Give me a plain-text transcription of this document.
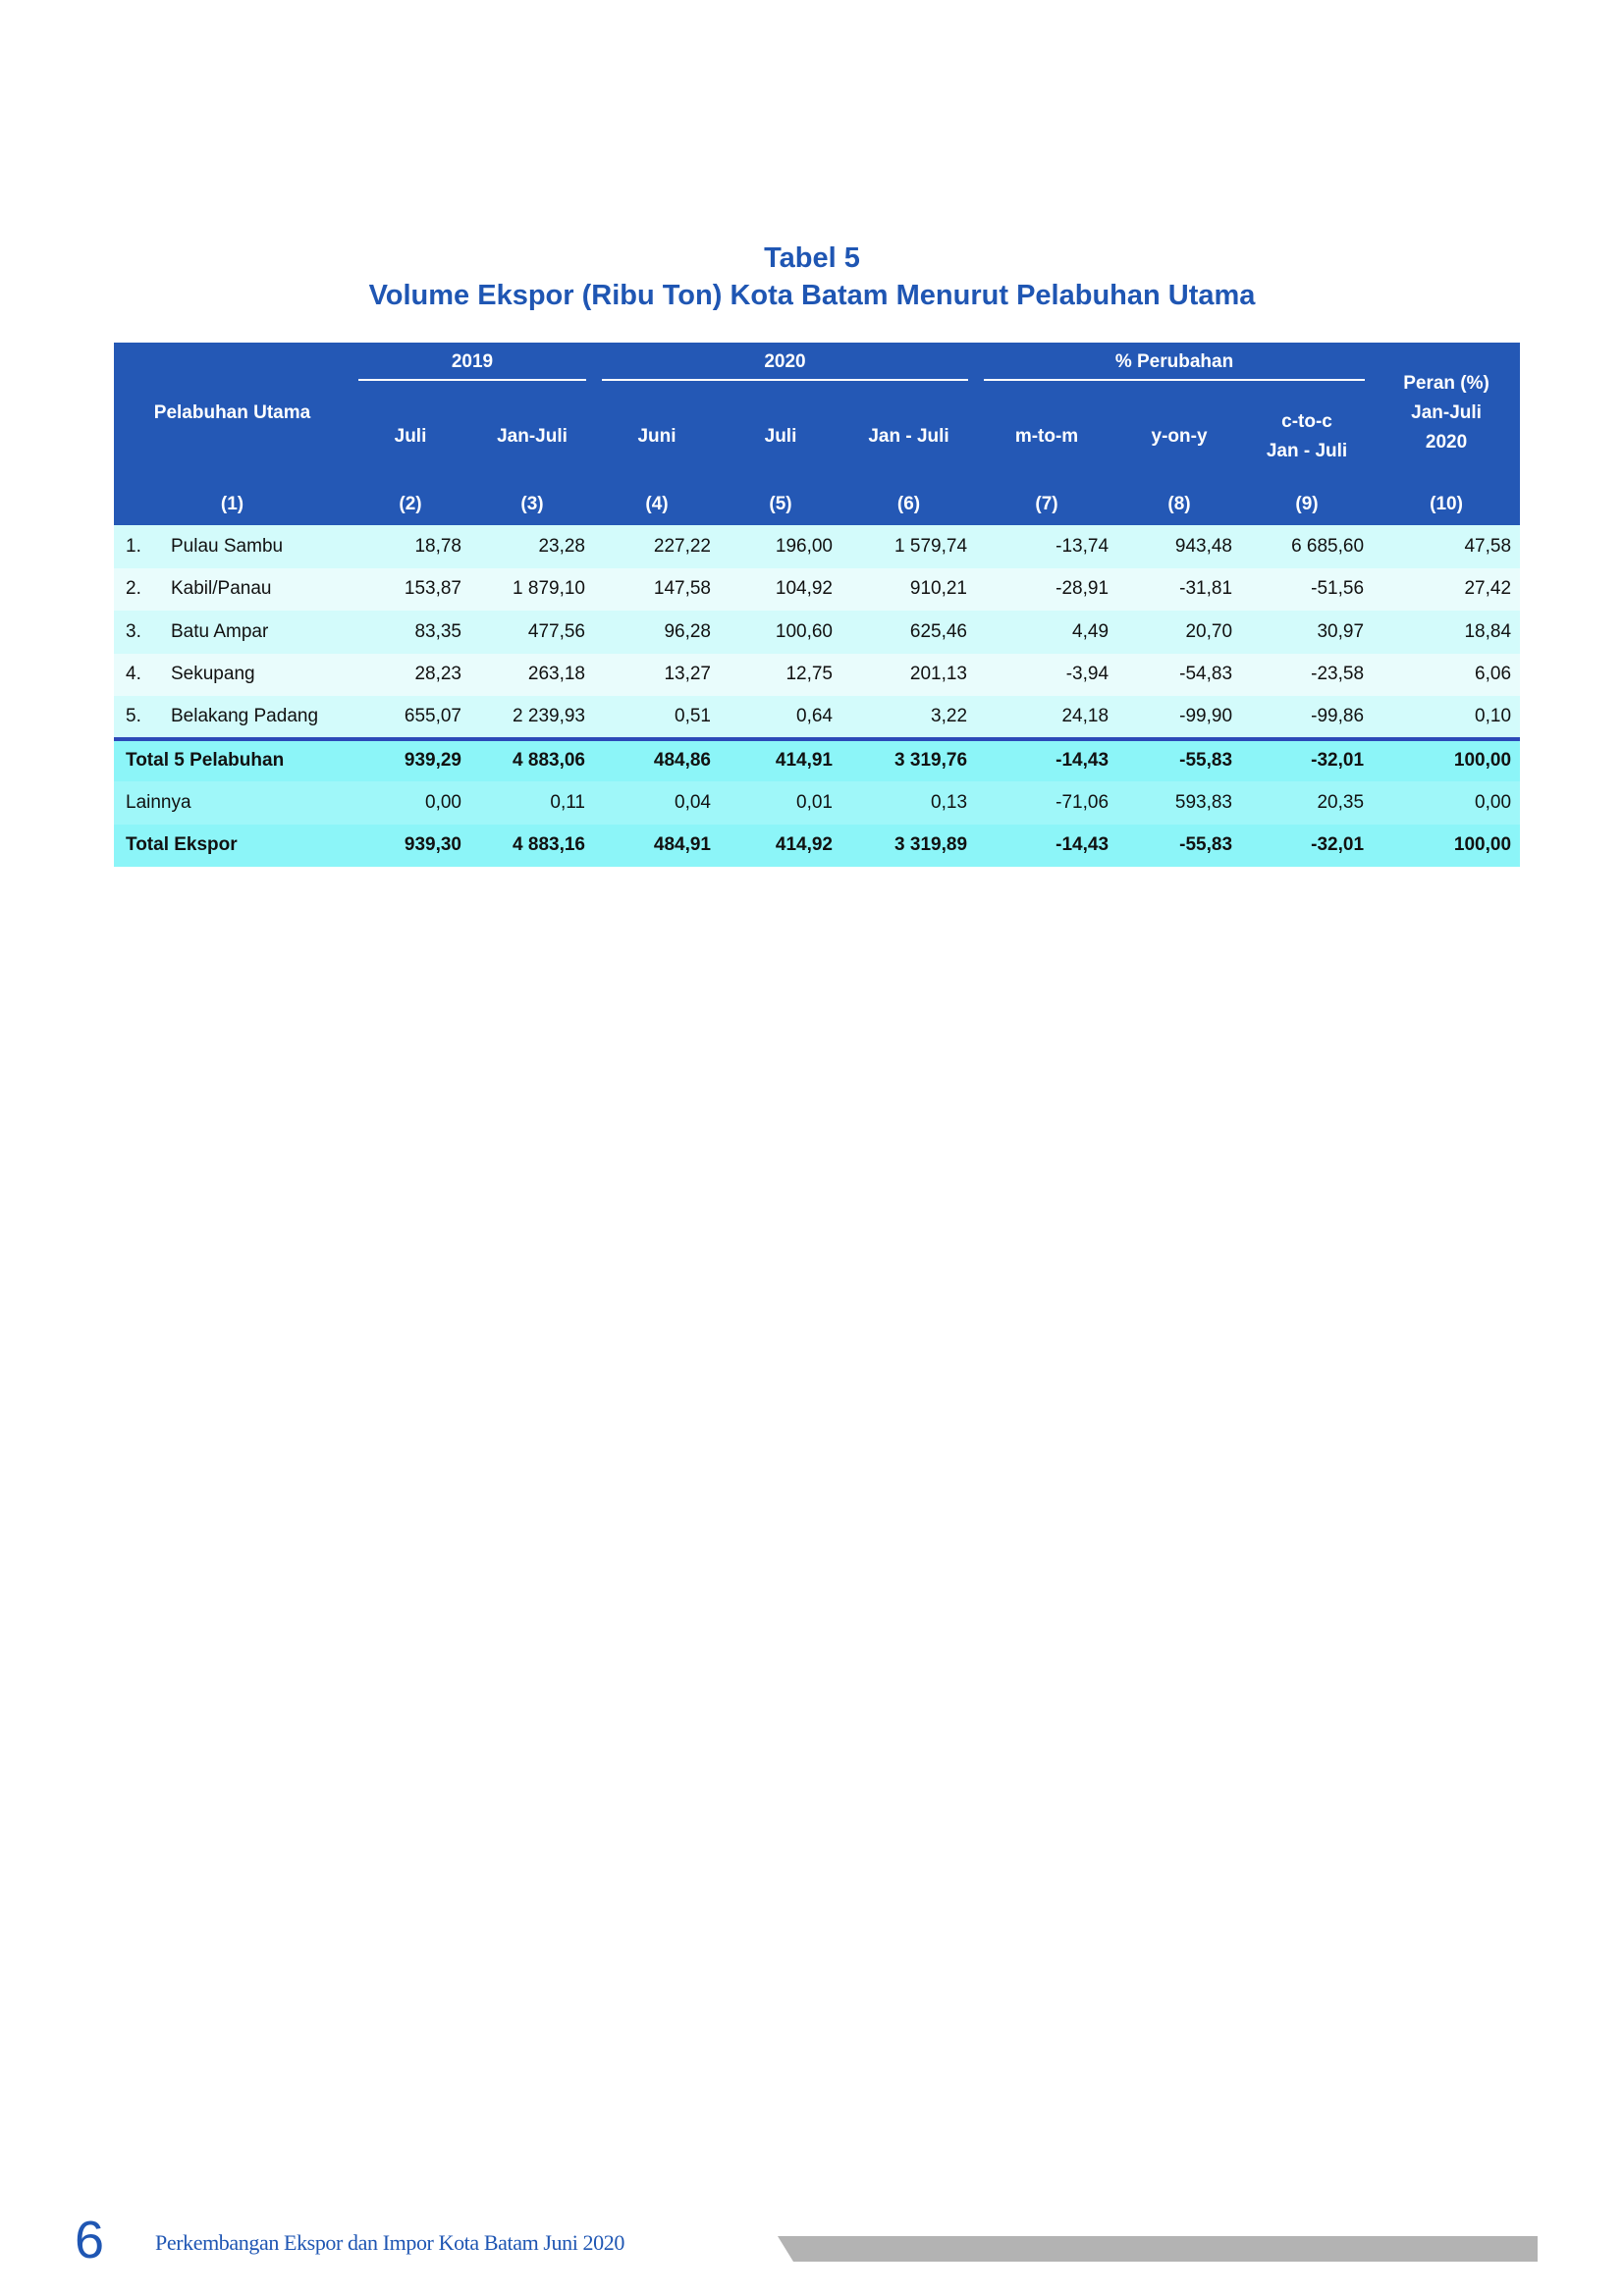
Tabel 5
Volume Ekspor (Ribu Ton) Kota Batam Menurut Pelabuhan Utama
Pelabuhan Utama	2019		2020			% Perubahan			Peran (%)
Jan-Juli
2020

	Juli	Jan-Juli	Juni	Juli	Jan - Juli	m-to-m	y-on-y	c-to-c
Jan - Juli	

(1)	(2)	(3)	(4)	(5)	(6)	(7)	(8)	(9)	(10)
1. Pulau Sambu	18,78	23,28	227,22	196,00	1 579,74	-13,74	943,48	6 685,60	47,58
2. Kabil/Panau	153,87	1 879,10	147,58	104,92	910,21	-28,91	-31,81	-51,56	27,42
3. Batu Ampar	83,35	477,56	96,28	100,60	625,46	4,49	20,70	30,97	18,84
4. Sekupang	28,23	263,18	13,27	12,75	201,13	-3,94	-54,83	-23,58	6,06
5. Belakang Padang	655,07	2 239,93	0,51	0,64	3,22	24,18	-99,90	-99,86	0,10
Total 5 Pelabuhan	939,29	4 883,06	484,86	414,91	3 319,76	-14,43	-55,83	-32,01	100,00
Lainnya	0,00	0,11	0,04	0,01	0,13	-71,06	593,83	20,35	0,00
Total Ekspor	939,30	4 883,16	484,91	414,92	3 319,89	-14,43	-55,83	-32,01	100,00
6 Perkembangan Ekspor dan Impor Kota Batam Juni 2020
